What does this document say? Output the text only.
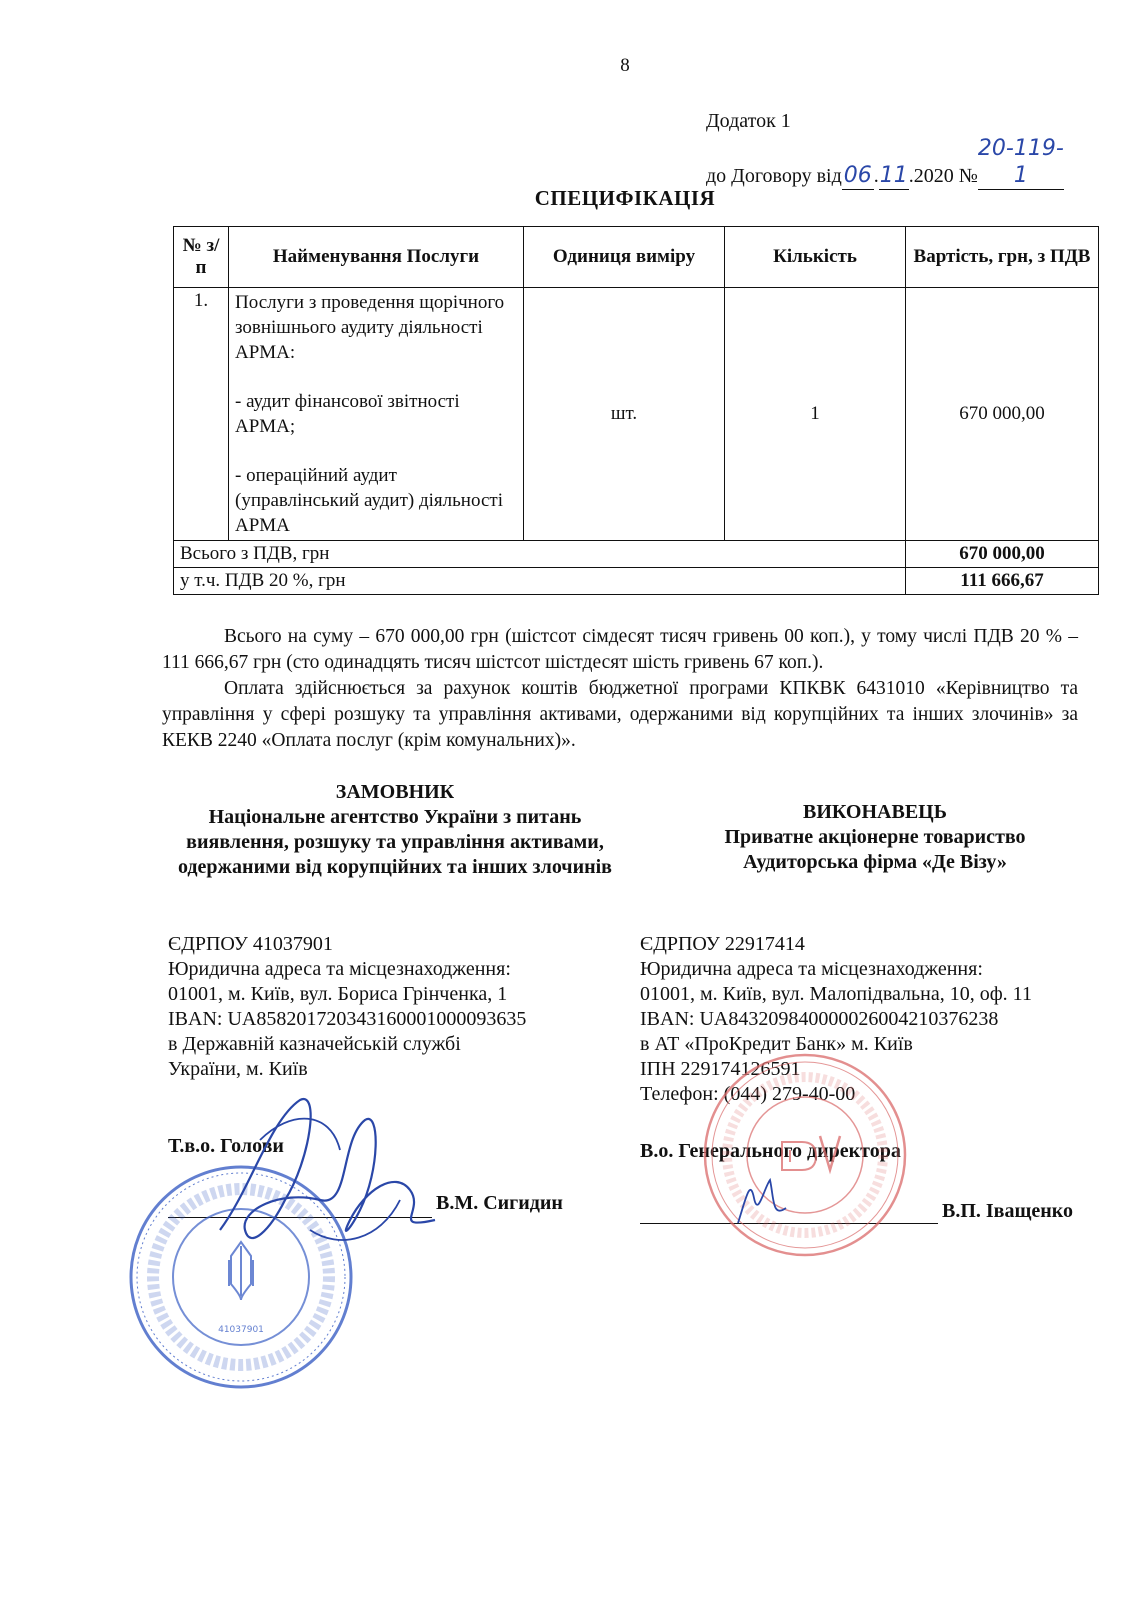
8
Додаток 1
до Договору від06 .11.2020 №20-119-1
СПЕЦИФІКАЦІЯ
№ з/п	Найменування Послуги	Одиниця виміру	Кількість	Вартість, грн, з ПДВ
1.	Послуги з проведення щорічного зовнішнього аудиту діяльності АРМА:

- аудит фінансової звітності АРМА;

- операційний аудит (управлінський аудит) діяльності АРМА	шт.	1	670 000,00
Всього з ПДВ, грн				670 000,00
у т.ч. ПДВ 20 %, грн				111 666,67

Всього на суму – 670 000,00 грн (шістсот сімдесят тисяч гривень 00 коп.), у тому числі ПДВ 20 % – 111 666,67 грн (сто одинадцять тисяч шістсот шістдесят шість гривень 67 коп.).

Оплата здійснюється за рахунок коштів бюджетної програми КПКВК 6431010 «Керівництво та управління у сфері розшуку та управління активами, одержаними від корупційних та інших злочинів» за КЕКВ 2240 «Оплата послуг (крім комунальних)».

ЗАМОВНИК
Національне агентство України з питань виявлення, розшуку та управління активами, одержаними від корупційних та інших злочинів
ЄДРПОУ 41037901
Юридична адреса та місцезнаходження:
01001, м. Київ, вул. Бориса Грінченка, 1
IBAN: UA858201720343160001000093635
в Державній казначейській службі
України, м. Київ
Т.в.о. Голови
В.М. Сигидин
ВИКОНАВЕЦЬ
Приватне акціонерне товариство Аудиторська фірма «Де Візу»
ЄДРПОУ 22917414
Юридична адреса та місцезнаходження:
01001, м. Київ, вул. Малопідвальна, 10, оф. 11
IBAN: UA843209840000026004210376238
в АТ «ПроКредит Банк» м. Київ
ІПН 229174126591
Телефон: (044) 279-40-00
В.о. Генерального директора
В.П. Іващенко
41037901
